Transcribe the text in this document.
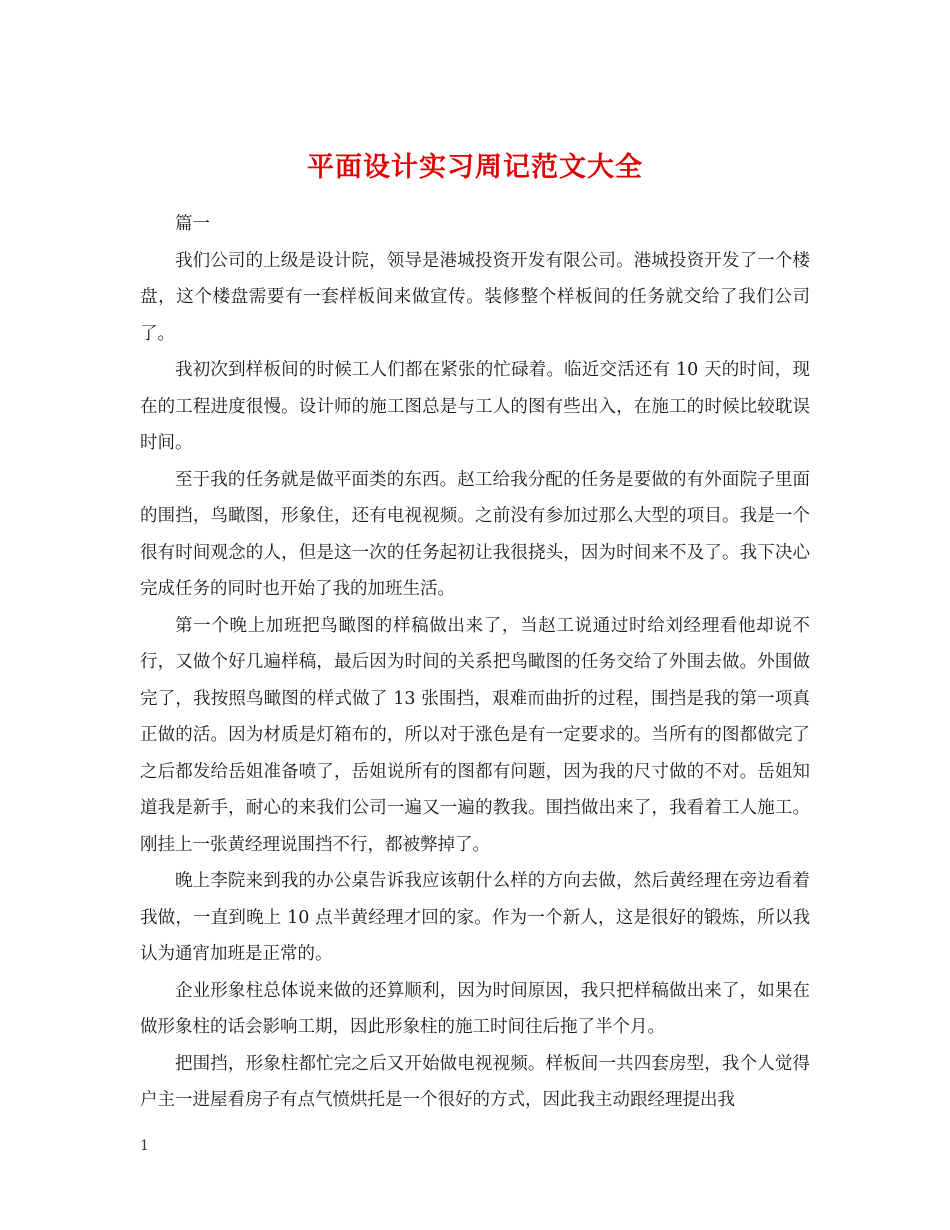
平面设计实习周记范文大全

篇一

我们公司的上级是设计院，领导是港城投资开发有限公司。港城投资开发了一个楼盘，这个楼盘需要有一套样板间来做宣传。装修整个样板间的任务就交给了我们公司了。

我初次到样板间的时候工人们都在紧张的忙碌着。临近交活还有 10 天的时间，现在的工程进度很慢。设计师的施工图总是与工人的图有些出入，在施工的时候比较耽误时间。

至于我的任务就是做平面类的东西。赵工给我分配的任务是要做的有外面院子里面的围挡，鸟瞰图，形象住，还有电视视频。之前没有参加过那么大型的项目。我是一个很有时间观念的人，但是这一次的任务起初让我很挠头，因为时间来不及了。我下决心完成任务的同时也开始了我的加班生活。

第一个晚上加班把鸟瞰图的样稿做出来了，当赵工说通过时给刘经理看他却说不行，又做个好几遍样稿，最后因为时间的关系把鸟瞰图的任务交给了外围去做。外围做完了，我按照鸟瞰图的样式做了 13 张围挡，艰难而曲折的过程，围挡是我的第一项真正做的活。因为材质是灯箱布的，所以对于涨色是有一定要求的。当所有的图都做完了之后都发给岳姐准备喷了，岳姐说所有的图都有问题，因为我的尺寸做的不对。岳姐知道我是新手，耐心的来我们公司一遍又一遍的教我。围挡做出来了，我看着工人施工。刚挂上一张黄经理说围挡不行，都被弊掉了。

晚上李院来到我的办公桌告诉我应该朝什么样的方向去做，然后黄经理在旁边看着我做，一直到晚上 10 点半黄经理才回的家。作为一个新人，这是很好的锻炼，所以我认为通宵加班是正常的。

企业形象柱总体说来做的还算顺利，因为时间原因，我只把样稿做出来了，如果在做形象柱的话会影响工期，因此形象柱的施工时间往后拖了半个月。

把围挡，形象柱都忙完之后又开始做电视视频。样板间一共四套房型，我个人觉得户主一进屋看房子有点气愤烘托是一个很好的方式，因此我主动跟经理提出我

1
